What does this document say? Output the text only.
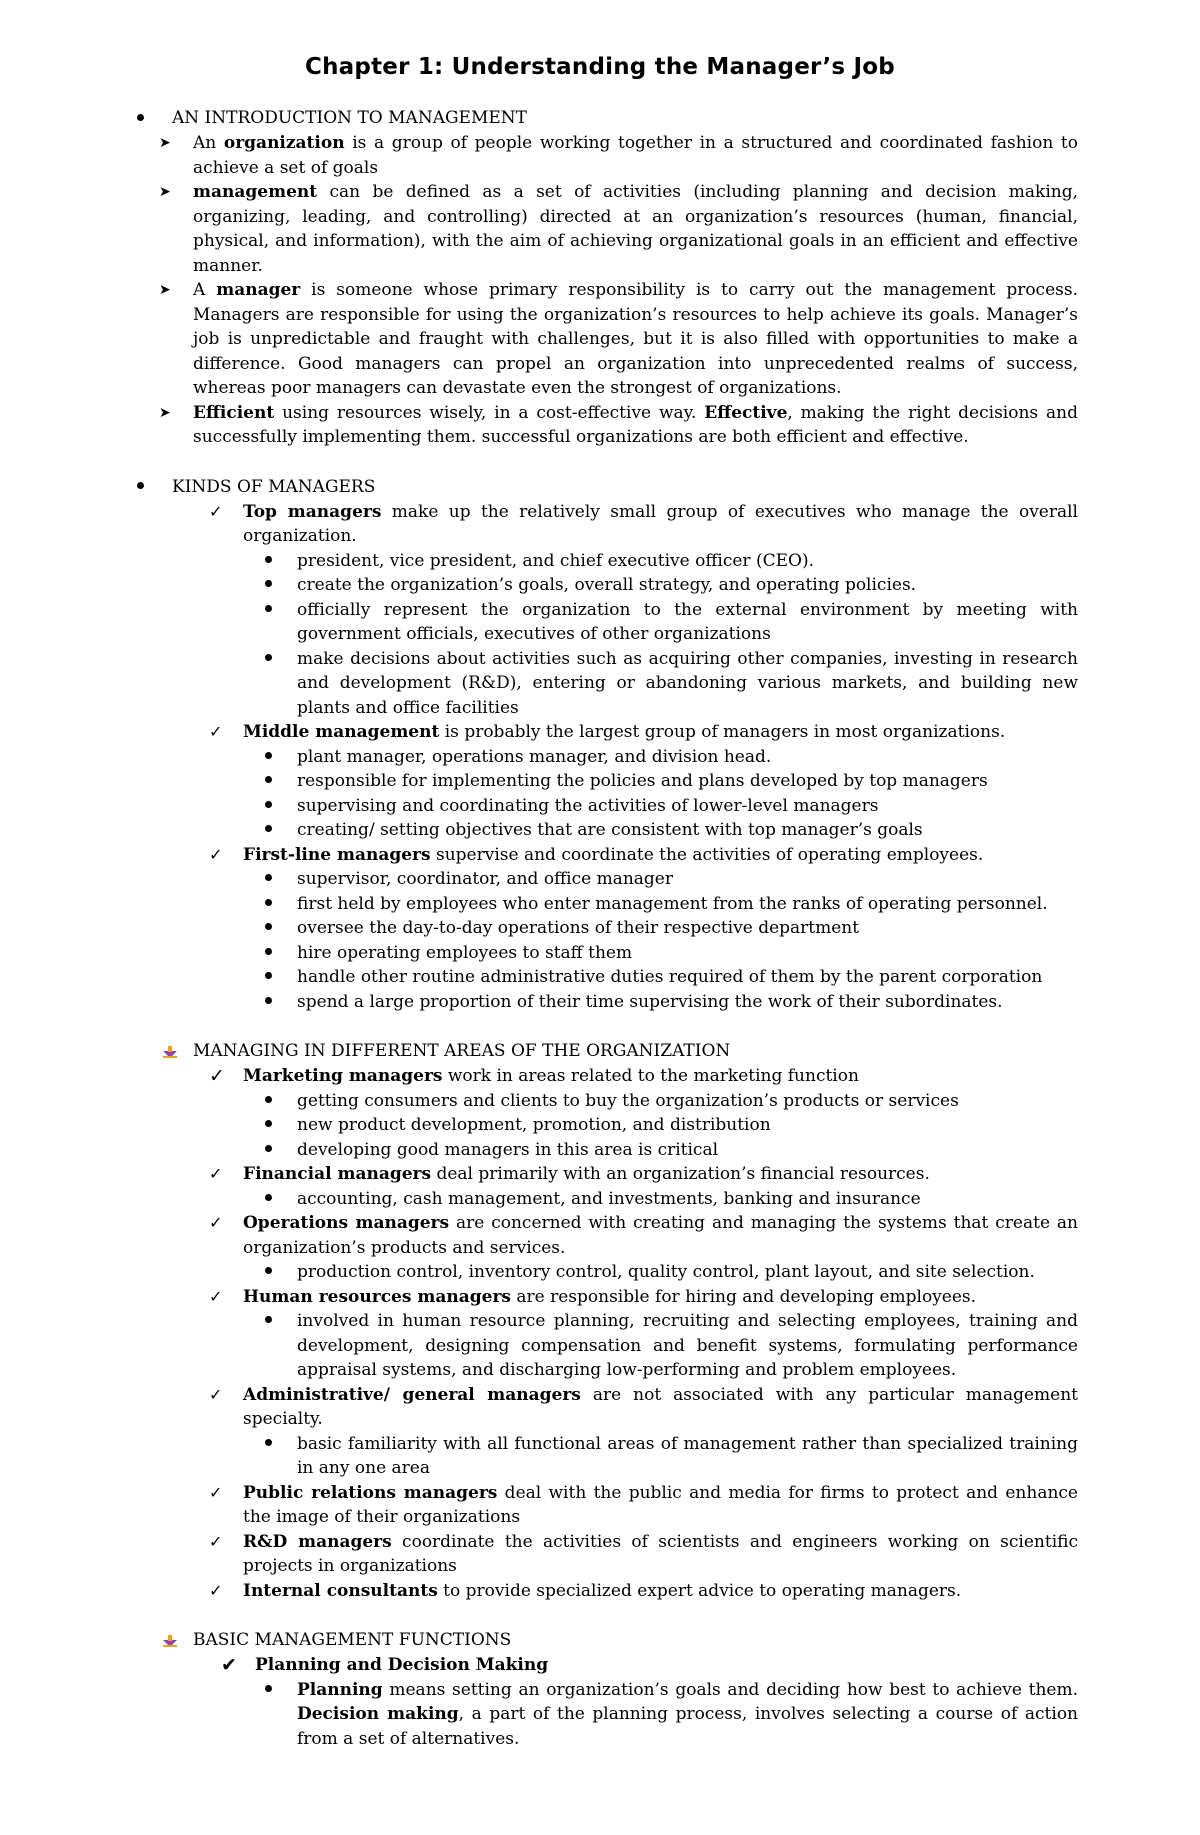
Chapter 1: Understanding the Manager’s Job
AN INTRODUCTION TO MANAGEMENT
➤	An organization is a group of people working together in a structured and coordinated fashion to achieve a set of goals
➤	management can be defined as a set of activities (including planning and decision making, organizing, leading, and controlling) directed at an organization’s resources (human, financial, physical, and information), with the aim of achieving organizational goals in an efficient and effective manner.
➤	A manager is someone whose primary responsibility is to carry out the management process. Managers are responsible for using the organization’s resources to help achieve its goals. Manager’s job is unpredictable and fraught with challenges, but it is also filled with opportunities to make a difference. Good managers can propel an organization into unprecedented realms of success, whereas poor managers can devastate even the strongest of organizations.
➤	Efficient using resources wisely, in a cost-effective way. Effective, making the right decisions and successfully implementing them. successful organizations are both efficient and effective.
KINDS OF MANAGERS
✓ Top managers make up the relatively small group of executives who manage the overall organization.
president, vice president, and chief executive officer (CEO).
create the organization’s goals, overall strategy, and operating policies.
officially represent the organization to the external environment by meeting with government officials, executives of other organizations
make decisions about activities such as acquiring other companies, investing in research and development (R&D), entering or abandoning various markets, and building new plants and office facilities
✓ Middle management is probably the largest group of managers in most organizations.
plant manager, operations manager, and division head.
responsible for implementing the policies and plans developed by top managers
supervising and coordinating the activities of lower-level managers
creating/ setting objectives that are consistent with top manager’s goals
✓ First-line managers supervise and coordinate the activities of operating employees.
supervisor, coordinator, and office manager
first held by employees who enter management from the ranks of operating personnel.
oversee the day-to-day operations of their respective department
hire operating employees to staff them
handle other routine administrative duties required of them by the parent corporation
spend a large proportion of their time supervising the work of their subordinates.
MANAGING IN DIFFERENT AREAS OF THE ORGANIZATION
✓ Marketing managers work in areas related to the marketing function
getting consumers and clients to buy the organization’s products or services
new product development, promotion, and distribution
developing good managers in this area is critical
✓ Financial managers deal primarily with an organization’s financial resources.
accounting, cash management, and investments, banking and insurance
✓ Operations managers are concerned with creating and managing the systems that create an organization’s products and services.
production control, inventory control, quality control, plant layout, and site selection.
✓ Human resources managers are responsible for hiring and developing employees.
involved in human resource planning, recruiting and selecting employees, training and development, designing compensation and benefit systems, formulating performance appraisal systems, and discharging low-performing and problem employees.
✓ Administrative/ general managers are not associated with any particular management specialty.
basic familiarity with all functional areas of management rather than specialized training in any one area
✓ Public relations managers deal with the public and media for firms to protect and enhance the image of their organizations
✓ R&D managers coordinate the activities of scientists and engineers working on scientific projects in organizations
✓ Internal consultants to provide specialized expert advice to operating managers.
BASIC MANAGEMENT FUNCTIONS
✔ Planning and Decision Making
Planning means setting an organization’s goals and deciding how best to achieve them. Decision making, a part of the planning process, involves selecting a course of action from a set of alternatives.
